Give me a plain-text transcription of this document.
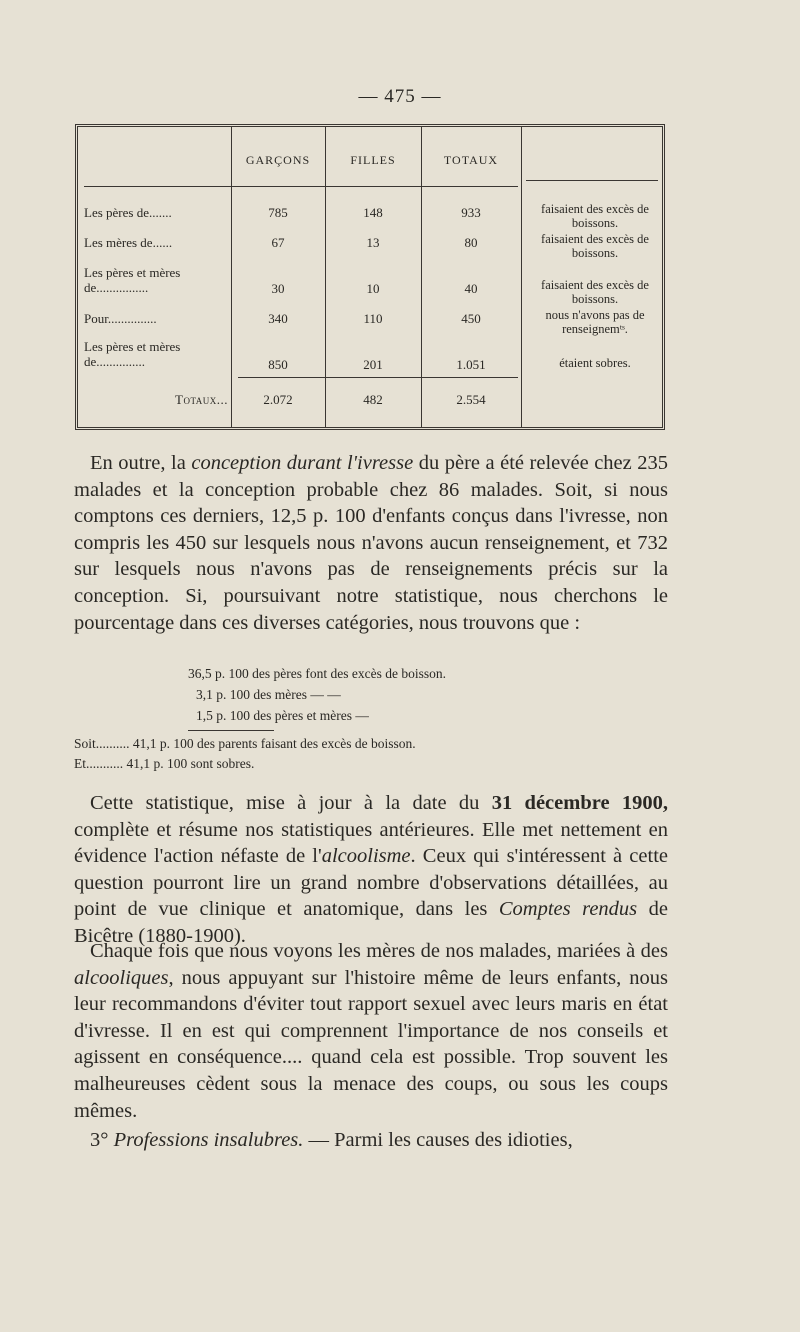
— 475 —
GARÇONS	FILLES	TOTAUX
Les pères de.......	785	148	933	faisaient des excès de boissons.
Les mères de......	67	13	80	faisaient des excès de boissons.
Les pères et mères de................	30	10	40	faisaient des excès de boissons.
Pour...............	340	110	450	nous n'avons pas de renseignemᵗˢ.
Les pères et mères de...............	850	201	1.051	étaient sobres.
Totaux...	2.072	482	2.554
En outre, la conception durant l'ivresse du père a été relevée chez 235 malades et la conception probable chez 86 malades. Soit, si nous comptons ces derniers, 12,5 p. 100 d'enfants conçus dans l'ivresse, non compris les 450 sur lesquels nous n'avons aucun renseignement, et 732 sur lesquels nous n'avons pas de renseignements précis sur la conception. Si, poursuivant notre statistique, nous cherchons le pourcentage dans ces diverses catégories, nous trouvons que :
36,5 p. 100 des pères font des excès de boisson.
3,1 p. 100 des mères — —
1,5 p. 100 des pères et mères —
Soit.......... 41,1 p. 100 des parents faisant des excès de boisson.
Et........... 41,1 p. 100 sont sobres.
Cette statistique, mise à jour à la date du 31 décembre 1900, complète et résume nos statistiques antérieures. Elle met nettement en évidence l'action néfaste de l'alcoolisme. Ceux qui s'intéressent à cette question pourront lire un grand nombre d'observations détaillées, au point de vue clinique et anatomique, dans les Comptes rendus de Bicêtre (1880-1900).
Chaque fois que nous voyons les mères de nos malades, mariées à des alcooliques, nous appuyant sur l'histoire même de leurs enfants, nous leur recommandons d'éviter tout rapport sexuel avec leurs maris en état d'ivresse. Il en est qui comprennent l'importance de nos conseils et agissent en conséquence.... quand cela est possible. Trop souvent les malheureuses cèdent sous la menace des coups, ou sous les coups mêmes.
3° Professions insalubres. — Parmi les causes des idioties,
